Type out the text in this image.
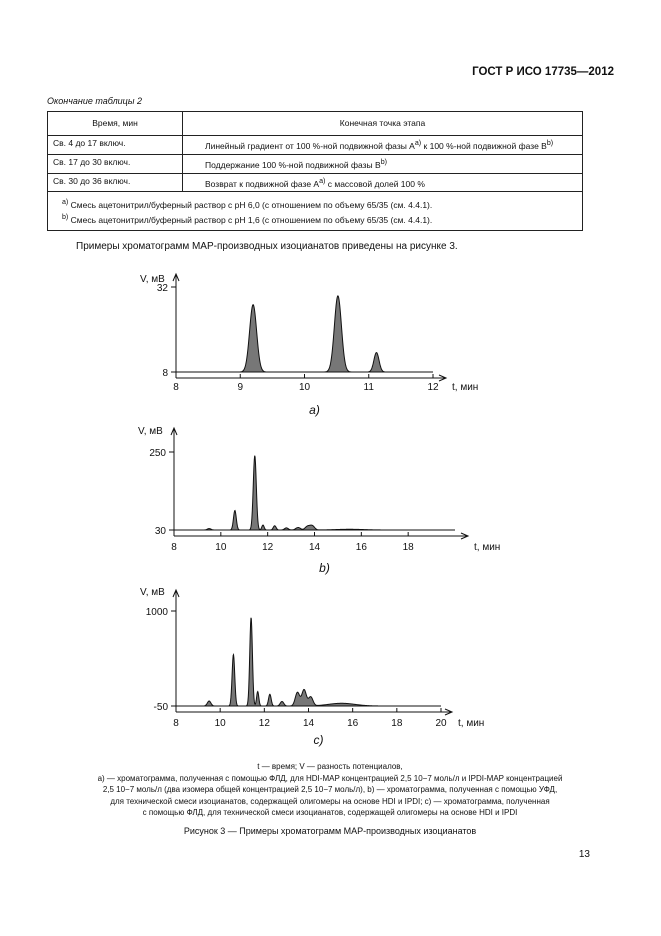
ГОСТ Р ИСО 17735—2012
Окончание таблицы 2
Время, мин	Конечная точка этапа
Св. 4 до 17 включ.	Линейный градиент от 100 %-ной подвижной фазы $A^{a)}$ к 100 %-ной подвижной фазе $B^{b)}$
Св. 17 до 30 включ.	Поддержание 100 %-ной подвижной фазы $B^{b)}$
Св. 30 до 36 включ.	Возврат к подвижной фазе $A^{a)}$ с массовой долей 100 %

$^{a)}$ Смесь ацетонитрил/буферный раствор с pH 6,0 (с отношением по объему 65/35 (см. 4.4.1).
$^{b)}$ Смесь ацетонитрил/буферный раствор с pH 1,6 (с отношением по объему 65/35 (см. 4.4.1).	
Примеры хроматограмм MAP-производных изоцианатов приведены на рисунке 3.
8	9	10	11	12
8
32
V, мВ
t, мин
a)
8	10	12	14	16	18
30
250
V, мВ
t, мин
b)
8	10	12	14	16	18	20
-50
1000
V, мВ
t, мин
c)
t — время; V — разность потенциалов,
a) — хроматограмма, полученная с помощью ФЛД, для HDI-MAP концентрацией 2,5 10−7 моль/л и IPDI-MAP концентрацией
2,5 10−7 моль/л (два изомера общей концентрацией 2,5 10−7 моль/л), b) — хроматограмма, полученная с помощью УФД,
для технической смеси изоцианатов, содержащей олигомеры на основе HDI и IPDI; c) — хроматограмма, полученная
с помощью ФЛД, для технической смеси изоцианатов, содержащей олигомеры на основе HDI и IPDI
Рисунок 3 — Примеры хроматограмм MAP-производных изоцианатов
13
